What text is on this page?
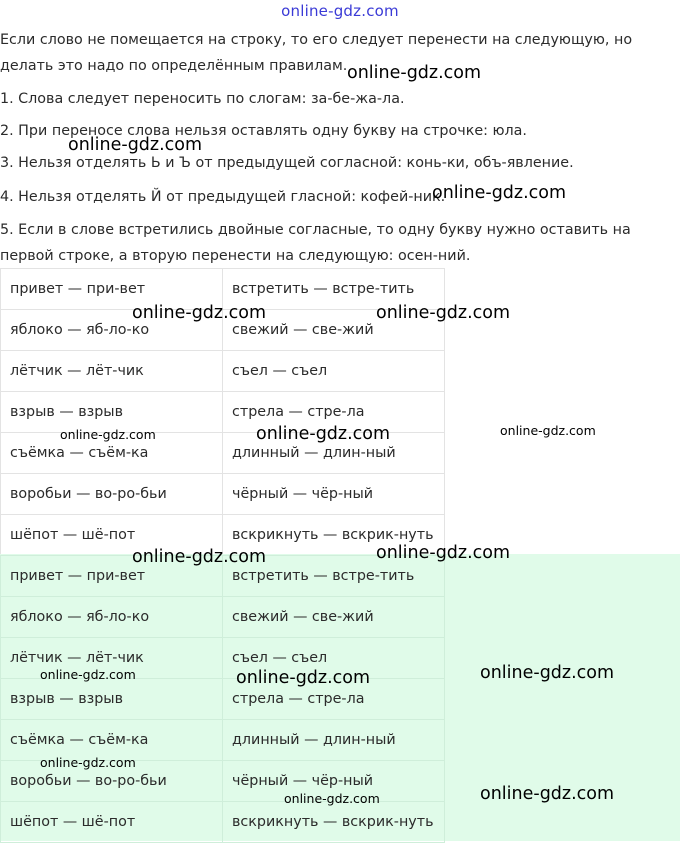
online-gdz.com

Если слово не помещается на строку, то его следует перенести на следующую, но
делать это надо по определённым правилам.

1. Слова следует переносить по слогам: за-бе-жа-ла.

2. При переносе слова нельзя оставлять одну букву на строчке: юла.

3. Нельзя отделять Ь и Ъ от предыдущей согласной: конь-ки, объ-явление.

4. Нельзя отделять Й от предыдущей гласной: кофей-ник.

5. Если в слове встретились двойные согласные, то одну букву нужно оставить на
первой строке, а вторую перенести на следующую: осен-ний.

привет — при-вет	встретить — встре-тить
яблоко — яб-ло-ко	свежий — све-жий
лётчик — лёт-чик	съел — съел
взрыв — взрыв	стрела — стре-ла
съёмка — съём-ка	длинный — длин-ный
воробьи — во-ро-бьи	чёрный — чёр-ный
шёпот — шё-пот	вскрикнуть — вскрик-нуть
привет — при-вет	встретить — встре-тить
яблоко — яб-ло-ко	свежий — све-жий
лётчик — лёт-чик	съел — съел
взрыв — взрыв	стрела — стре-ла
съёмка — съём-ка	длинный — длин-ный
воробьи — во-ро-бьи	чёрный — чёр-ный
шёпот — шё-пот	вскрикнуть — вскрик-нуть
online-gdz.com
online-gdz.com
online-gdz.com
online-gdz.com	online-gdz.com
online-gdz.com	online-gdz.com	online-gdz.com
online-gdz.com	online-gdz.com
online-gdz.com	online-gdz.com	online-gdz.com
online-gdz.com
online-gdz.com	online-gdz.com
